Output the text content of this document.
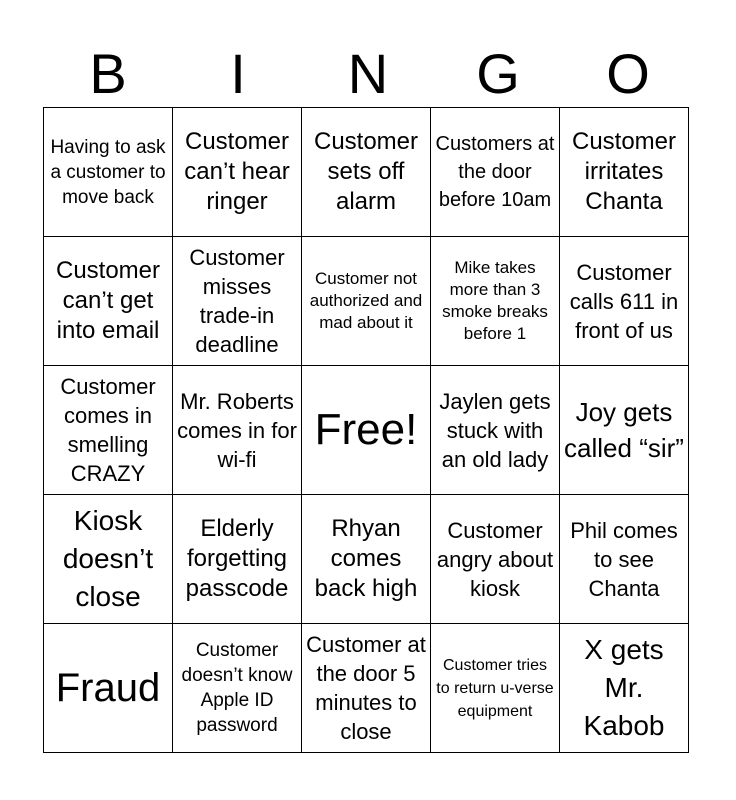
B	I	N	G	O
Having to ask a customer to move back	Customer can’t hear ringer	Customer sets off alarm	Customers at the door before 10am	Customer irritates Chanta

Customer can’t get into email	Customer misses trade-in deadline	Customer not authorized and mad about it	Mike takes more than 3 smoke breaks before 1	Customer calls 611 in front of us

Customer comes in smelling CRAZY	Mr. Roberts comes in for wi-fi	Free!	Jaylen gets stuck with an old lady	Joy gets called “sir”

Kiosk doesn’t close	Elderly forgetting passcode	Rhyan comes back high	Customer angry about kiosk	Phil comes to see Chanta

Fraud	Customer doesn’t know Apple ID password	Customer at the door 5 minutes to close	Customer tries to return u-verse equipment	X gets Mr. Kabob
